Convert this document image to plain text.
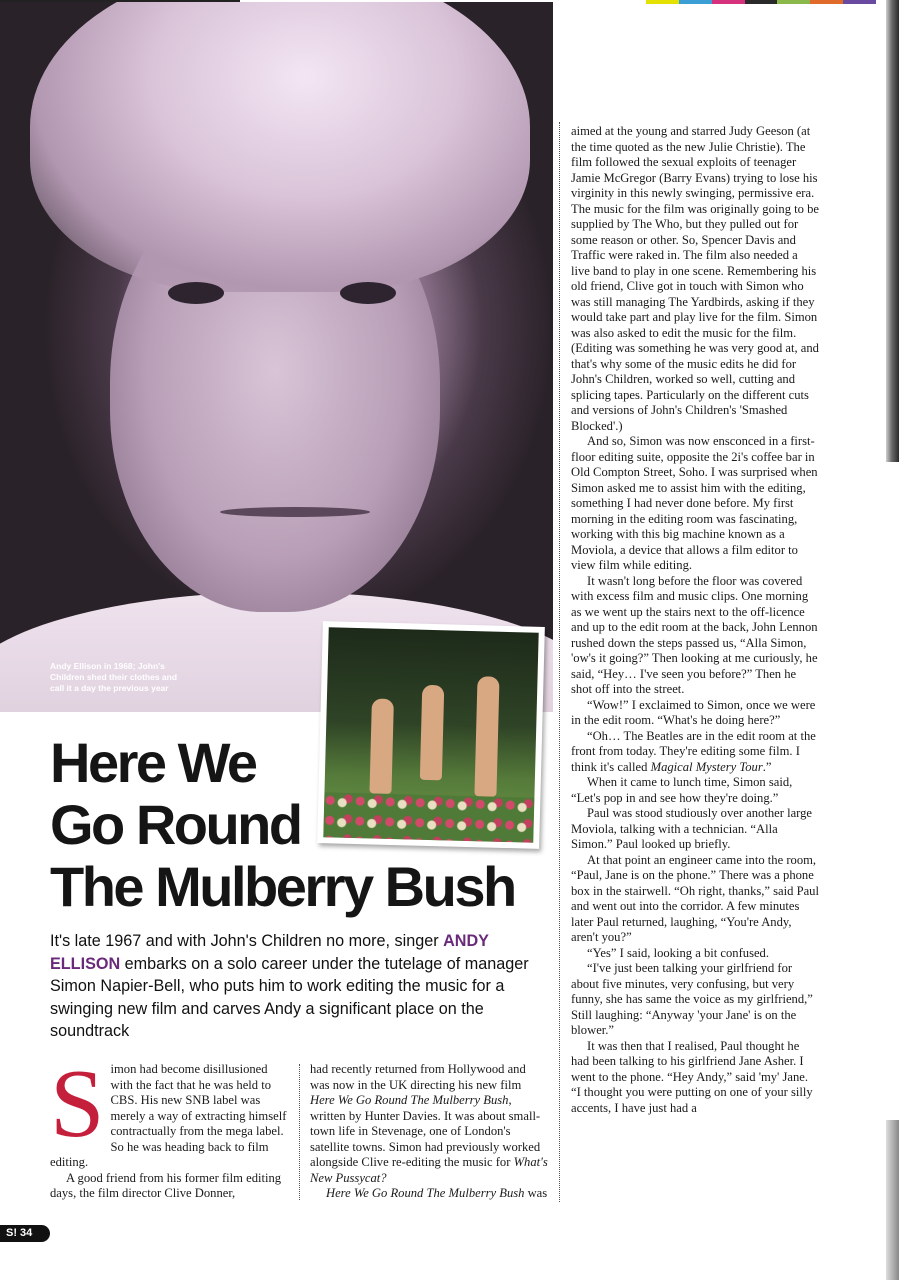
Andy Ellison in 1968; John's Children shed their clothes and call it a day the previous year
Here We
Go Round
The Mulberry Bush
It's late 1967 and with John's Children no more, singer ANDY ELLISON embarks on a solo career under the tutelage of manager Simon Napier-Bell, who puts him to work editing the music for a swinging new film and carves Andy a significant place on the soundtrack

Simon had become disillusioned with the fact that he was held to CBS. His new SNB label was merely a way of extracting himself contractually from the mega label. So he was heading back to film editing.

A good friend from his former film editing days, the film director Clive Donner,

had recently returned from Hollywood and was now in the UK directing his new film Here We Go Round The Mulberry Bush, written by Hunter Davies. It was about small-town life in Stevenage, one of London's satellite towns. Simon had previously worked alongside Clive re-editing the music for What's New Pussycat?

Here We Go Round The Mulberry Bush was

aimed at the young and starred Judy Geeson (at the time quoted as the new Julie Christie). The film followed the sexual exploits of teenager Jamie McGregor (Barry Evans) trying to lose his virginity in this newly swinging, permissive era. The music for the film was originally going to be supplied by The Who, but they pulled out for some reason or other. So, Spencer Davis and Traffic were raked in. The film also needed a live band to play in one scene. Remembering his old friend, Clive got in touch with Simon who was still managing The Yardbirds, asking if they would take part and play live for the film. Simon was also asked to edit the music for the film. (Editing was something he was very good at, and that's why some of the music edits he did for John's Children, worked so well, cutting and splicing tapes. Particularly on the different cuts and versions of John's Children's 'Smashed Blocked'.)

And so, Simon was now ensconced in a first-floor editing suite, opposite the 2i's coffee bar in Old Compton Street, Soho. I was surprised when Simon asked me to assist him with the editing, something I had never done before. My first morning in the editing room was fascinating, working with this big machine known as a Moviola, a device that allows a film editor to view film while editing.

It wasn't long before the floor was covered with excess film and music clips. One morning as we went up the stairs next to the off-licence and up to the edit room at the back, John Lennon rushed down the steps passed us, “Alla Simon, 'ow's it going?” Then looking at me curiously, he said, “Hey… I've seen you before?” Then he shot off into the street.

“Wow!” I exclaimed to Simon, once we were in the edit room. “What's he doing here?”

“Oh… The Beatles are in the edit room at the front from today. They're editing some film. I think it's called Magical Mystery Tour.”

When it came to lunch time, Simon said, “Let's pop in and see how they're doing.”

Paul was stood studiously over another large Moviola, talking with a technician. “Alla Simon.” Paul looked up briefly.

At that point an engineer came into the room, “Paul, Jane is on the phone.” There was a phone box in the stairwell. “Oh right, thanks,” said Paul and went out into the corridor. A few minutes later Paul returned, laughing, “You're Andy, aren't you?”

“Yes” I said, looking a bit confused.

“I've just been talking your girlfriend for about five minutes, very confusing, but very funny, she has same the voice as my girlfriend,” Still laughing: “Anyway 'your Jane' is on the blower.”

It was then that I realised, Paul thought he had been talking to his girlfriend Jane Asher. I went to the phone. “Hey Andy,” said 'my' Jane. “I thought you were putting on one of your silly accents, I have just had a

S! 34
